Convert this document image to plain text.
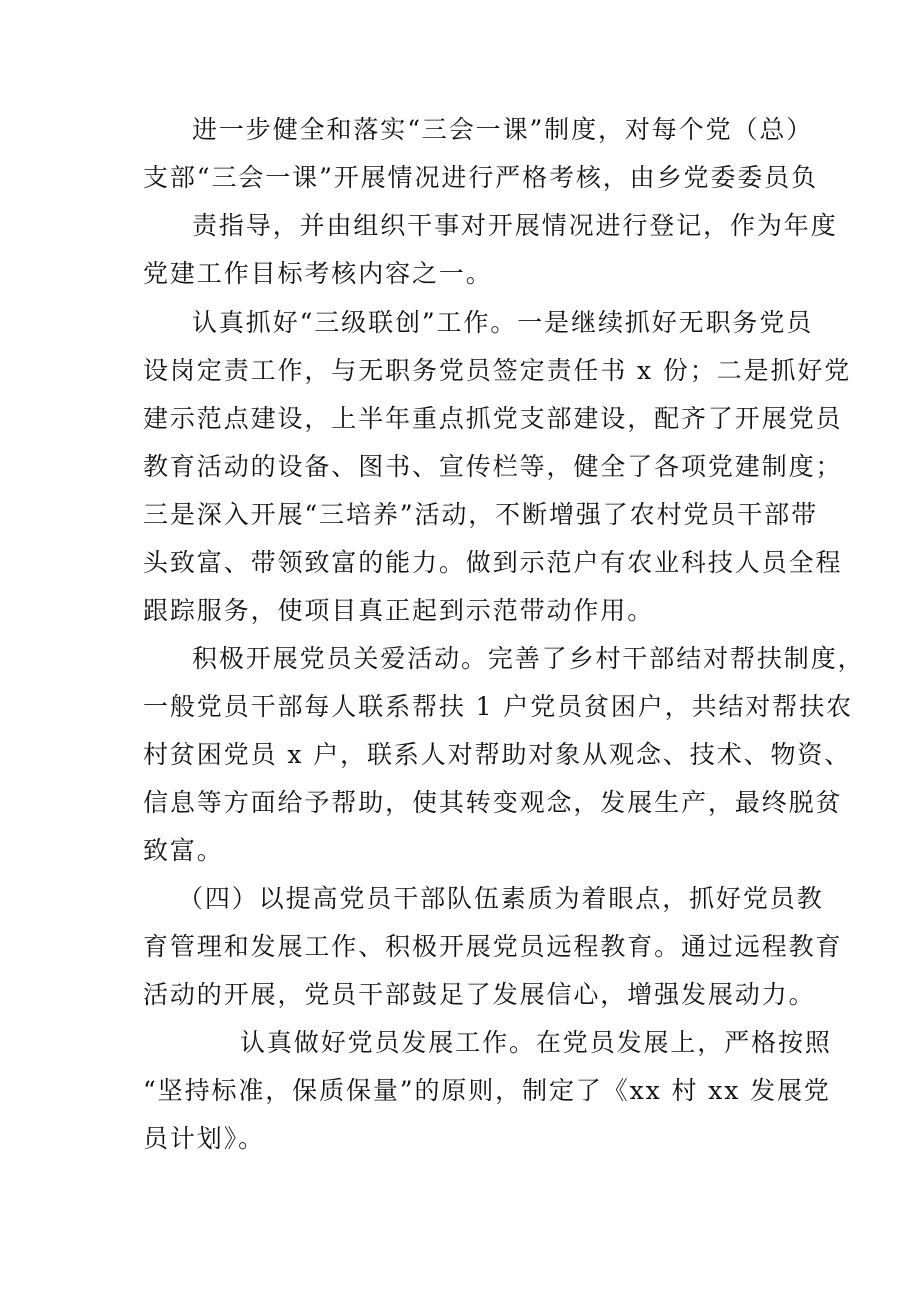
进一步健全和落实“三会一课”制度，对每个党（总）
支部“三会一课”开展情况进行严格考核，由乡党委委员负
责指导，并由组织干事对开展情况进行登记，作为年度
党建工作目标考核内容之一。
认真抓好“三级联创”工作。一是继续抓好无职务党员
设岗定责工作，与无职务党员签定责任书 x 份；二是抓好党
建示范点建设，上半年重点抓党支部建设，配齐了开展党员
教育活动的设备、图书、宣传栏等，健全了各项党建制度；
三是深入开展“三培养”活动，不断增强了农村党员干部带
头致富、带领致富的能力。做到示范户有农业科技人员全程
跟踪服务，使项目真正起到示范带动作用。
积极开展党员关爱活动。完善了乡村干部结对帮扶制度，
一般党员干部每人联系帮扶 1 户党员贫困户，共结对帮扶农
村贫困党员 x 户，联系人对帮助对象从观念、技术、物资、
信息等方面给予帮助，使其转变观念，发展生产，最终脱贫
致富。
（四）以提高党员干部队伍素质为着眼点，抓好党员教
育管理和发展工作、积极开展党员远程教育。通过远程教育
活动的开展，党员干部鼓足了发展信心，增强发展动力。
认真做好党员发展工作。在党员发展上，严格按照
“坚持标准，保质保量”的原则，制定了《xx 村 xx 发展党
员计划》。
